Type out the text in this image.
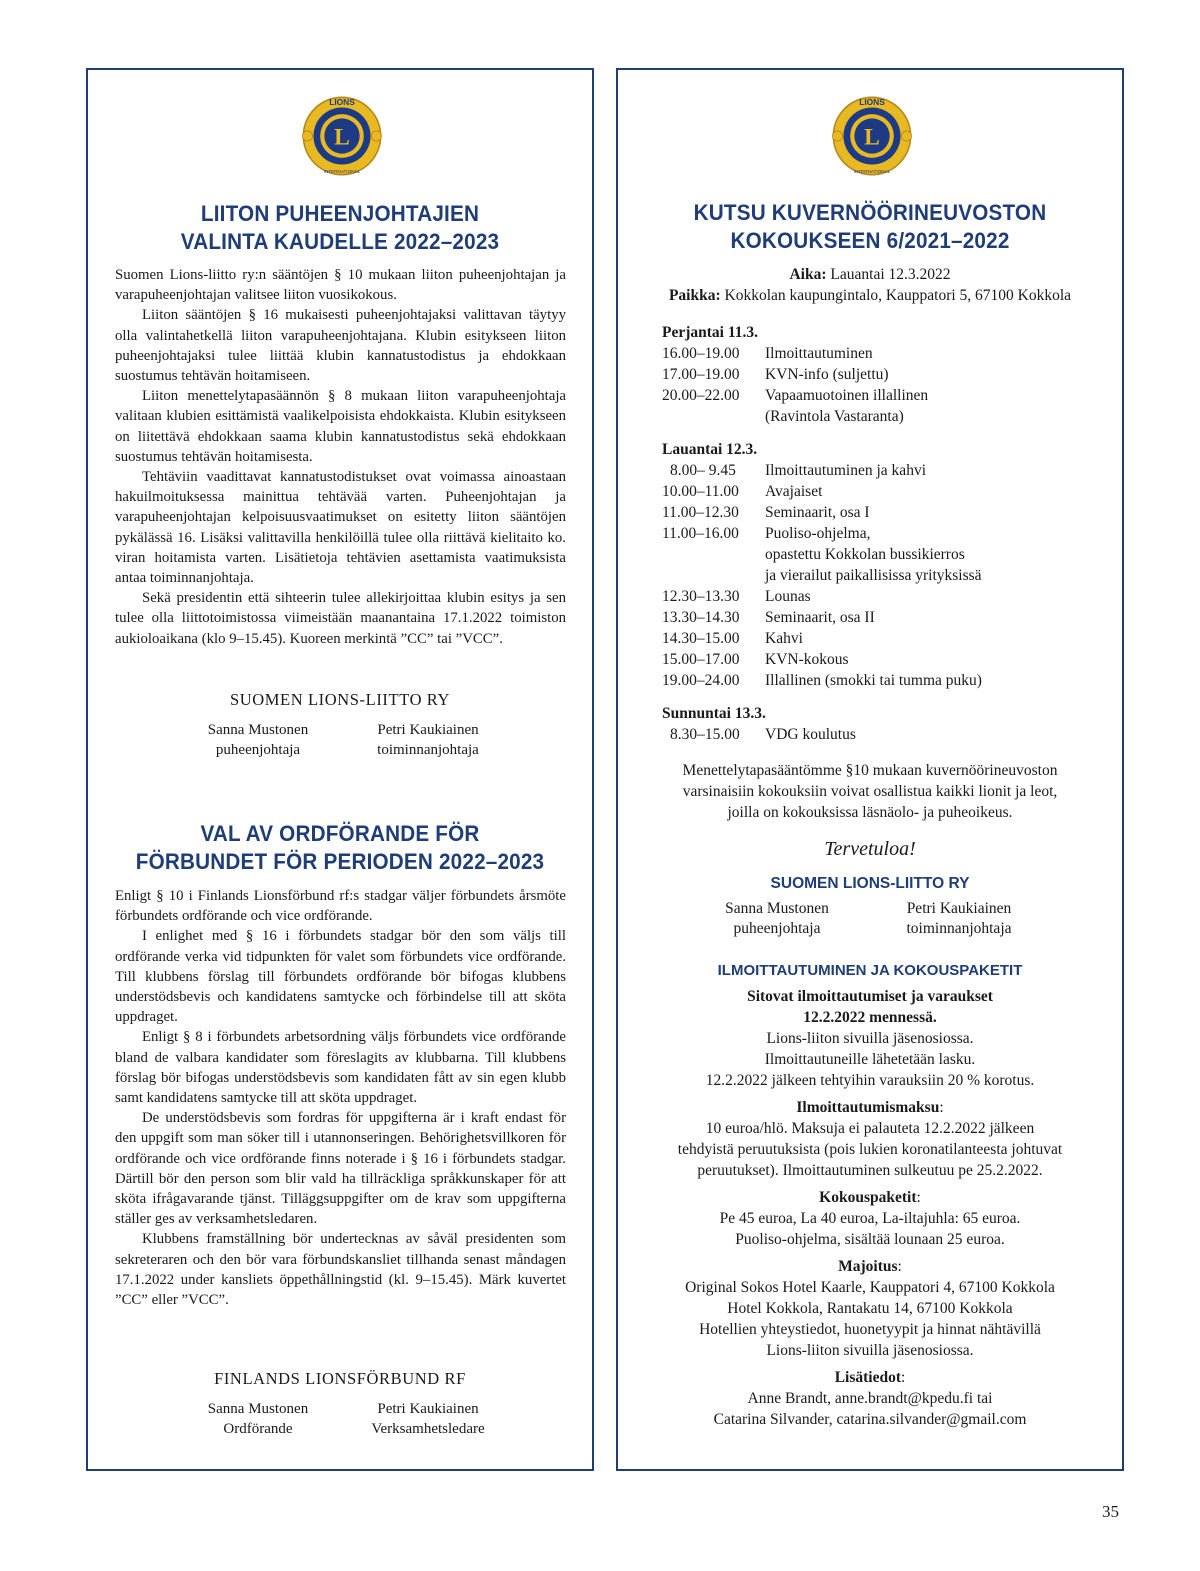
L
LIONS
INTERNATIONAL
LIITON PUHEENJOHTAJIEN
VALINTA KAUDELLE 2022–2023

Suomen Lions-liitto ry:n sääntöjen § 10 mukaan liiton puheenjohtajan ja varapuheenjohtajan valitsee liiton vuosikokous.

Liiton sääntöjen § 16 mukaisesti puheenjohtajaksi valittavan täytyy olla valintahetkellä liiton varapuheenjohtajana. Klubin esitykseen liiton puheenjohtajaksi tulee liittää klubin kannatustodistus ja ehdokkaan suostumus tehtävän hoitamiseen.

Liiton menettelytapasäännön § 8 mukaan liiton varapuheenjohtaja valitaan klubien esittämistä vaalikelpoisista ehdokkaista. Klubin esitykseen on liitettävä ehdokkaan saama klubin kannatustodistus sekä ehdokkaan suostumus tehtävän hoitamisesta.

Tehtäviin vaadittavat kannatustodistukset ovat voimassa ainoastaan hakuilmoituksessa mainittua tehtävää varten. Puheenjohtajan ja varapuheenjohtajan kelpoisuusvaatimukset on esitetty liiton sääntöjen pykälässä 16. Lisäksi valittavilla henkilöillä tulee olla riittävä kielitaito ko. viran hoitamista varten. Lisätietoja tehtävien asettamista vaatimuksista antaa toiminnanjohtaja.

Sekä presidentin että sihteerin tulee allekirjoittaa klubin esitys ja sen tulee olla liittotoimistossa viimeistään maanantaina 17.1.2022 toimiston aukioloaikana (klo 9–15.45). Kuoreen merkintä ”CC” tai ”VCC”.

SUOMEN LIONS-LIITTO RY
Sanna Mustonen
puheenjohtaja
Petri Kaukiainen
toiminnanjohtaja
VAL AV ORDFÖRANDE FÖR
FÖRBUNDET FÖR PERIODEN 2022–2023

Enligt § 10 i Finlands Lionsförbund rf:s stadgar väljer förbundets årsmöte förbundets ordförande och vice ordförande.

I enlighet med § 16 i förbundets stadgar bör den som väljs till ordförande verka vid tidpunkten för valet som förbundets vice ordförande. Till klubbens förslag till förbundets ordförande bör bifogas klubbens understödsbevis och kandidatens samtycke och förbindelse till att sköta uppdraget.

Enligt § 8 i förbundets arbetsordning väljs förbundets vice ordförande bland de valbara kandidater som föreslagits av klubbarna. Till klubbens förslag bör bifogas understödsbevis som kandidaten fått av sin egen klubb samt kandidatens samtycke till att sköta uppdraget.

De understödsbevis som fordras för uppgifterna är i kraft endast för den uppgift som man söker till i utannonseringen. Behörighetsvillkoren för ordförande och vice ordförande finns noterade i § 16 i förbundets stadgar. Därtill bör den person som blir vald ha tillräckliga språkkunskaper för att sköta ifrågavarande tjänst. Tilläggsuppgifter om de krav som uppgifterna ställer ges av verksamhetsledaren.

Klubbens framställning bör undertecknas av såväl presidenten som sekreteraren och den bör vara förbundskansliet tillhanda senast måndagen 17.1.2022 under kansliets öppethållningstid (kl. 9–15.45). Märk kuvertet ”CC” eller ”VCC”.

FINLANDS LIONSFÖRBUND RF
Sanna Mustonen
Ordförande
Petri Kaukiainen
Verksamhetsledare
L
LIONS
INTERNATIONAL
KUTSU KUVERNÖÖRINEUVOSTON
KOKOUKSEEN 6/2021–2022
Aika: Lauantai 12.3.2022
Paikka: Kokkolan kaupungintalo, Kauppatori 5, 67100 Kokkola
Perjantai 11.3.
16.00–19.00	Ilmoittautuminen
17.00–19.00	KVN-info (suljettu)
20.00–22.00	Vapaamuotoinen illallinen
(Ravintola Vastaranta)
Lauantai 12.3.
8.00– 9.45	Ilmoittautuminen ja kahvi
10.00–11.00	Avajaiset
11.00–12.30	Seminaarit, osa I
11.00–16.00	Puoliso-ohjelma,
opastettu Kokkolan bussikierros
ja vierailut paikallisissa yrityksissä
12.30–13.30	Lounas
13.30–14.30	Seminaarit, osa II
14.30–15.00	Kahvi
15.00–17.00	KVN-kokous
19.00–24.00	Illallinen (smokki tai tumma puku)
Sunnuntai 13.3.
8.30–15.00	VDG koulutus
Menettelytapasääntömme §10 mukaan kuvernöörineuvoston
varsinaisiin kokouksiin voivat osallistua kaikki lionit ja leot,
joilla on kokouksissa läsnäolo- ja puheoikeus.
Tervetuloa!
SUOMEN LIONS-LIITTO RY
Sanna Mustonen
puheenjohtaja
Petri Kaukiainen
toiminnanjohtaja
ILMOITTAUTUMINEN JA KOKOUSPAKETIT
Sitovat ilmoittautumiset ja varaukset
12.2.2022 mennessä.
Lions-liiton sivuilla jäsenosiossa.
Ilmoittautuneille lähetetään lasku.
12.2.2022 jälkeen tehtyihin varauksiin 20 % korotus.
Ilmoittautumismaksu:
10 euroa/hlö. Maksuja ei palauteta 12.2.2022 jälkeen
tehdyistä peruutuksista (pois lukien koronatilanteesta johtuvat
peruutukset). Ilmoittautuminen sulkeutuu pe 25.2.2022.
Kokouspaketit:
Pe 45 euroa, La 40 euroa, La-iltajuhla: 65 euroa.
Puoliso-ohjelma, sisältää lounaan 25 euroa.
Majoitus:
Original Sokos Hotel Kaarle, Kauppatori 4, 67100 Kokkola
Hotel Kokkola, Rantakatu 14, 67100 Kokkola
Hotellien yhteystiedot, huonetyypit ja hinnat nähtävillä
Lions-liiton sivuilla jäsenosiossa.
Lisätiedot:
Anne Brandt, anne.brandt@kpedu.fi tai
Catarina Silvander, catarina.silvander@gmail.com
35
